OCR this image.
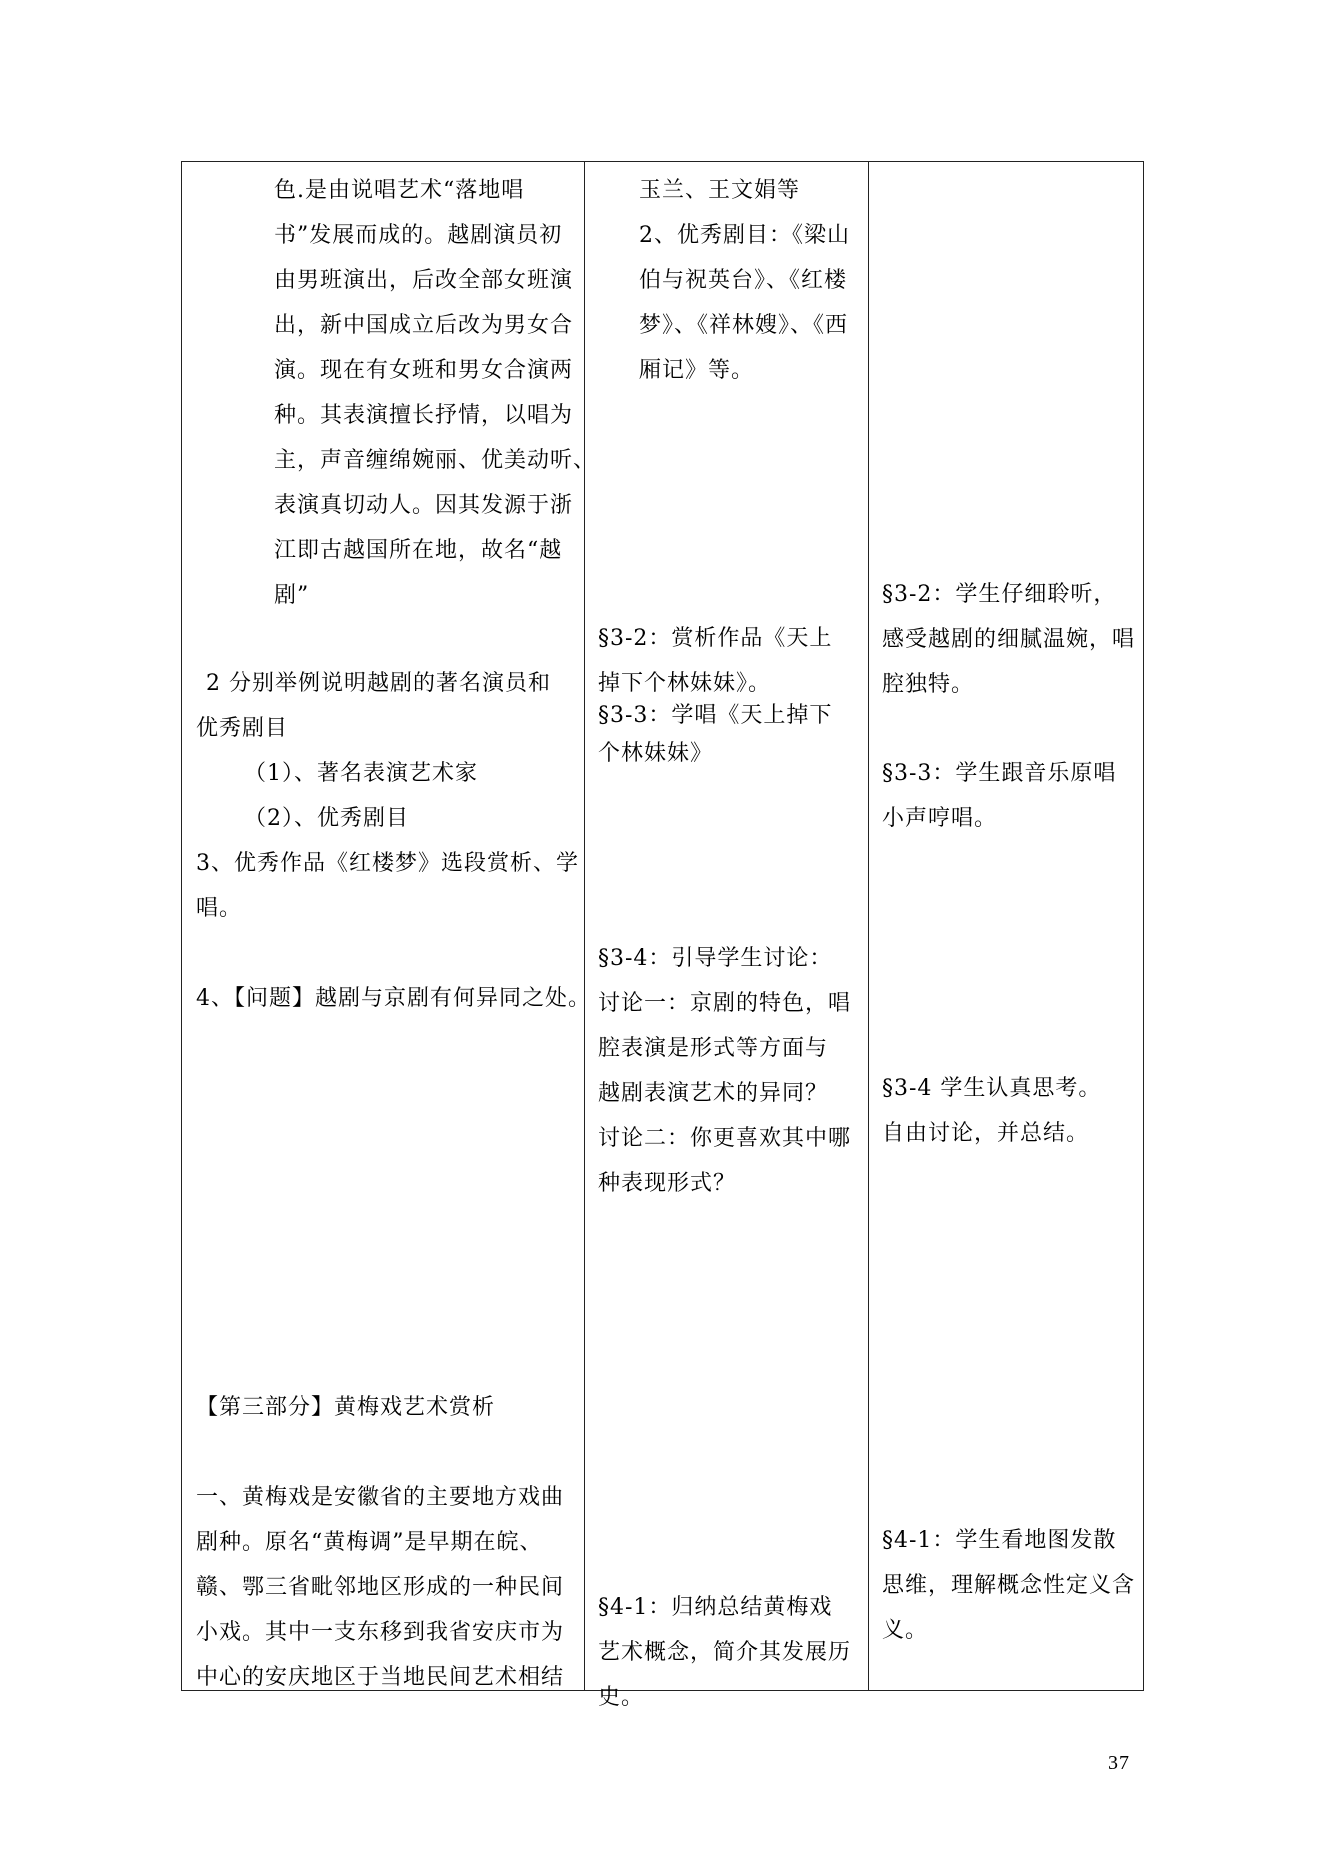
色.是由说唱艺术“落地唱
书”发展而成的。越剧演员初
由男班演出，后改全部女班演
出，新中国成立后改为男女合
演。现在有女班和男女合演两
种。其表演擅长抒情，以唱为
主，声音缠绵婉丽、优美动听、
表演真切动人。因其发源于浙
江即古越国所在地，故名“越
剧”
2 分别举例说明越剧的著名演员和
优秀剧目
（1）、著名表演艺术家
（2）、优秀剧目
3、优秀作品《红楼梦》选段赏析、学
唱。
4、【问题】越剧与京剧有何异同之处。
【第三部分】黄梅戏艺术赏析
一、黄梅戏是安徽省的主要地方戏曲
剧种。原名“黄梅调”是早期在皖、
赣、鄂三省毗邻地区形成的一种民间
小戏。其中一支东移到我省安庆市为
中心的安庆地区于当地民间艺术相结
玉兰、王文娟等
2、优秀剧目：《梁山
伯与祝英台》、《红楼
梦》、《祥林嫂》、《西
厢记》等。
§3-2：赏析作品《天上
掉下个林妹妹》。
§3-3：学唱《天上掉下
个林妹妹》
§3-4：引导学生讨论：
讨论一：京剧的特色，唱
腔表演是形式等方面与
越剧表演艺术的异同？
讨论二：你更喜欢其中哪
种表现形式？
§4-1：归纳总结黄梅戏
艺术概念，简介其发展历
史。
§3-2：学生仔细聆听，
感受越剧的细腻温婉，唱
腔独特。
§3-3：学生跟音乐原唱
小声哼唱。
§3-4 学生认真思考。
自由讨论，并总结。
§4-1：学生看地图发散
思维，理解概念性定义含
义。
37
